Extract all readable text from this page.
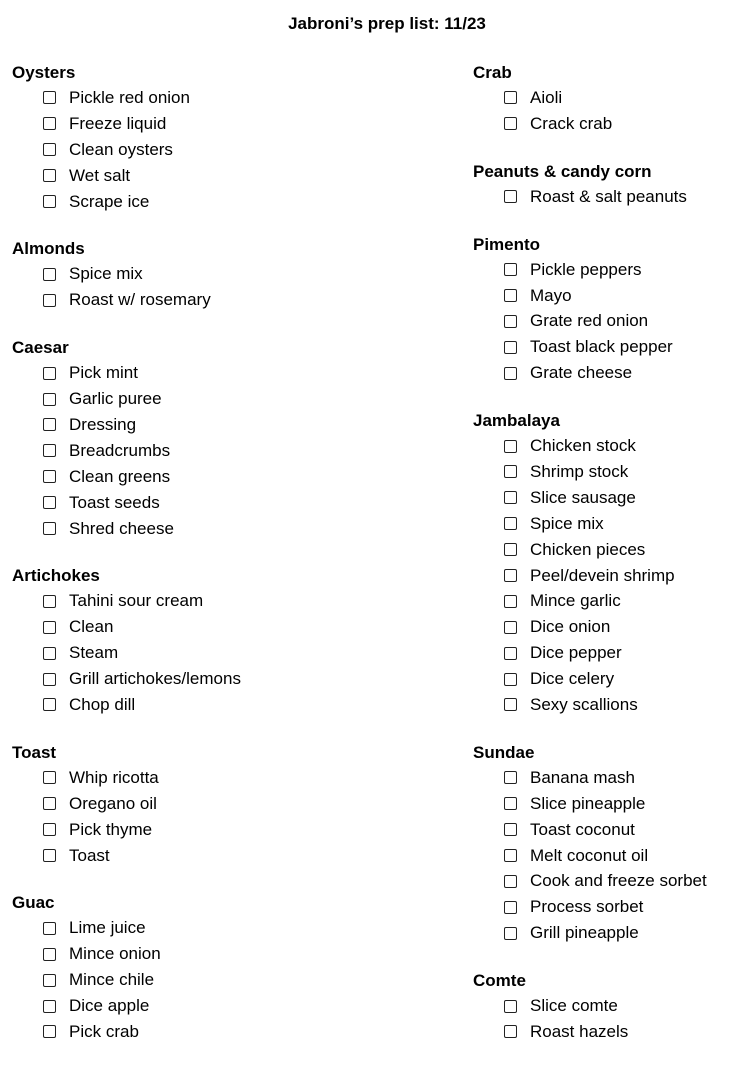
Jabroni’s prep list: 11/23
Oysters
Pickle red onion
Freeze liquid
Clean oysters
Wet salt
Scrape ice
Almonds
Spice mix
Roast w/ rosemary
Caesar
Pick mint
Garlic puree
Dressing
Breadcrumbs
Clean greens
Toast seeds
Shred cheese
Artichokes
Tahini sour cream
Clean
Steam
Grill artichokes/lemons
Chop dill
Toast
Whip ricotta
Oregano oil
Pick thyme
Toast
Guac
Lime juice
Mince onion
Mince chile
Dice apple
Pick crab
Crab
Aioli
Crack crab
Peanuts & candy corn
Roast & salt peanuts
Pimento
Pickle peppers
Mayo
Grate red onion
Toast black pepper
Grate cheese
Jambalaya
Chicken stock
Shrimp stock
Slice sausage
Spice mix
Chicken pieces
Peel/devein shrimp
Mince garlic
Dice onion
Dice pepper
Dice celery
Sexy scallions
Sundae
Banana mash
Slice pineapple
Toast coconut
Melt coconut oil
Cook and freeze sorbet
Process sorbet
Grill pineapple
Comte
Slice comte
Roast hazels
